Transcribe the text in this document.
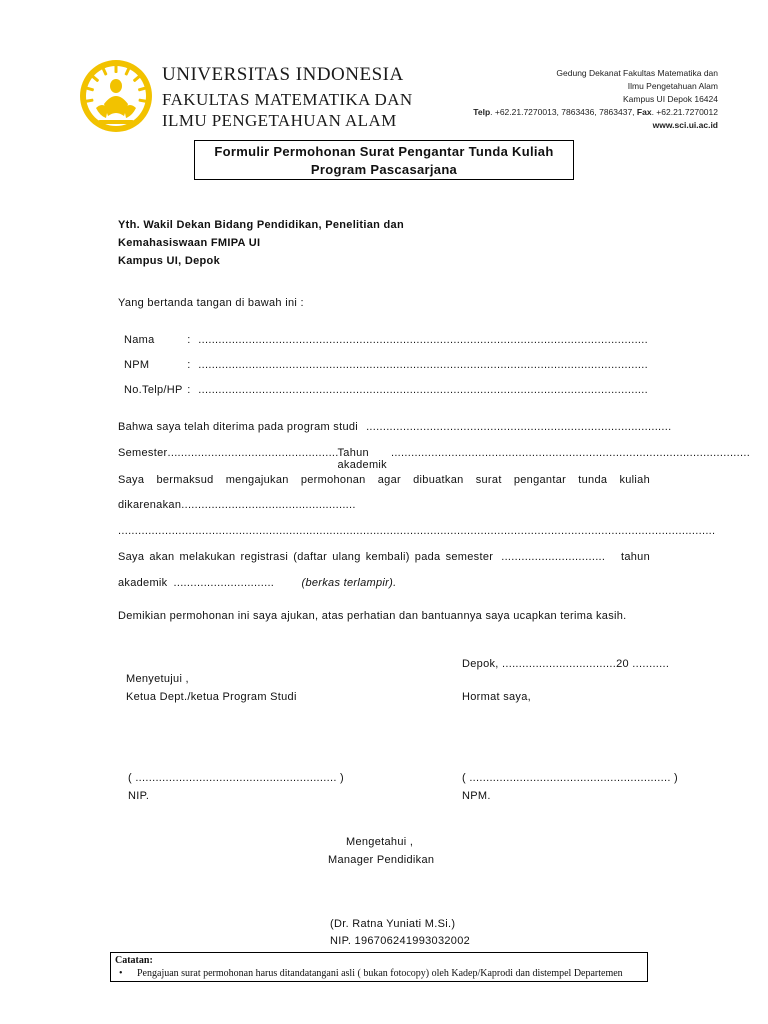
UNIVERSITAS INDONESIA
FAKULTAS MATEMATIKA DAN
ILMU PENGETAHUAN ALAM
Gedung Dekanat Fakultas Matematika dan
Ilmu Pengetahuan Alam
Kampus UI Depok 16424
Telp. +62.21.7270013, 7863436, 7863437, Fax. +62.21.7270012
www.sci.ui.ac.id
Formulir Permohonan Surat Pengantar Tunda Kuliah
Program Pascasarjana
Yth. Wakil Dekan Bidang Pendidikan, Penelitian dan
Kemahasiswaan FMIPA UI
Kampus UI, Depok
Yang bertanda tangan di bawah ini :
Nama	: ......................................................................................................................................
NPM	: ......................................................................................................................................
No.Telp/HP : ......................................................................................................................................
Bahwa saya telah diterima pada program studi ...........................................................................................
Semester ...................................................
Tahun akademik
...........................................................................................................
Saya bermaksud mengajukan permohonan agar dibuatkan surat pengantar tunda kuliah
dikarenakan ....................................................
..................................................................................................................................................................................
Saya akan melakukan registrasi (daftar ulang kembali) pada semester ...............................	tahun
akademik ..............................	(berkas terlampir).
Demikian permohonan ini saya ajukan, atas perhatian dan bantuannya saya ucapkan terima kasih.
Depok, ..................................20 ...........
Menyetujui ,
Ketua Dept./ketua Program Studi	Hormat saya,
( ............................................................ )
NIP.
( ............................................................ )
NPM.
Mengetahui ,
Manager Pendidikan
(Dr. Ratna Yuniati M.Si.)
NIP. 196706241993032002
Catatan:
• Pengajuan surat permohonan harus ditandatangani asli ( bukan fotocopy) oleh Kadep/Kaprodi dan distempel Departemen
